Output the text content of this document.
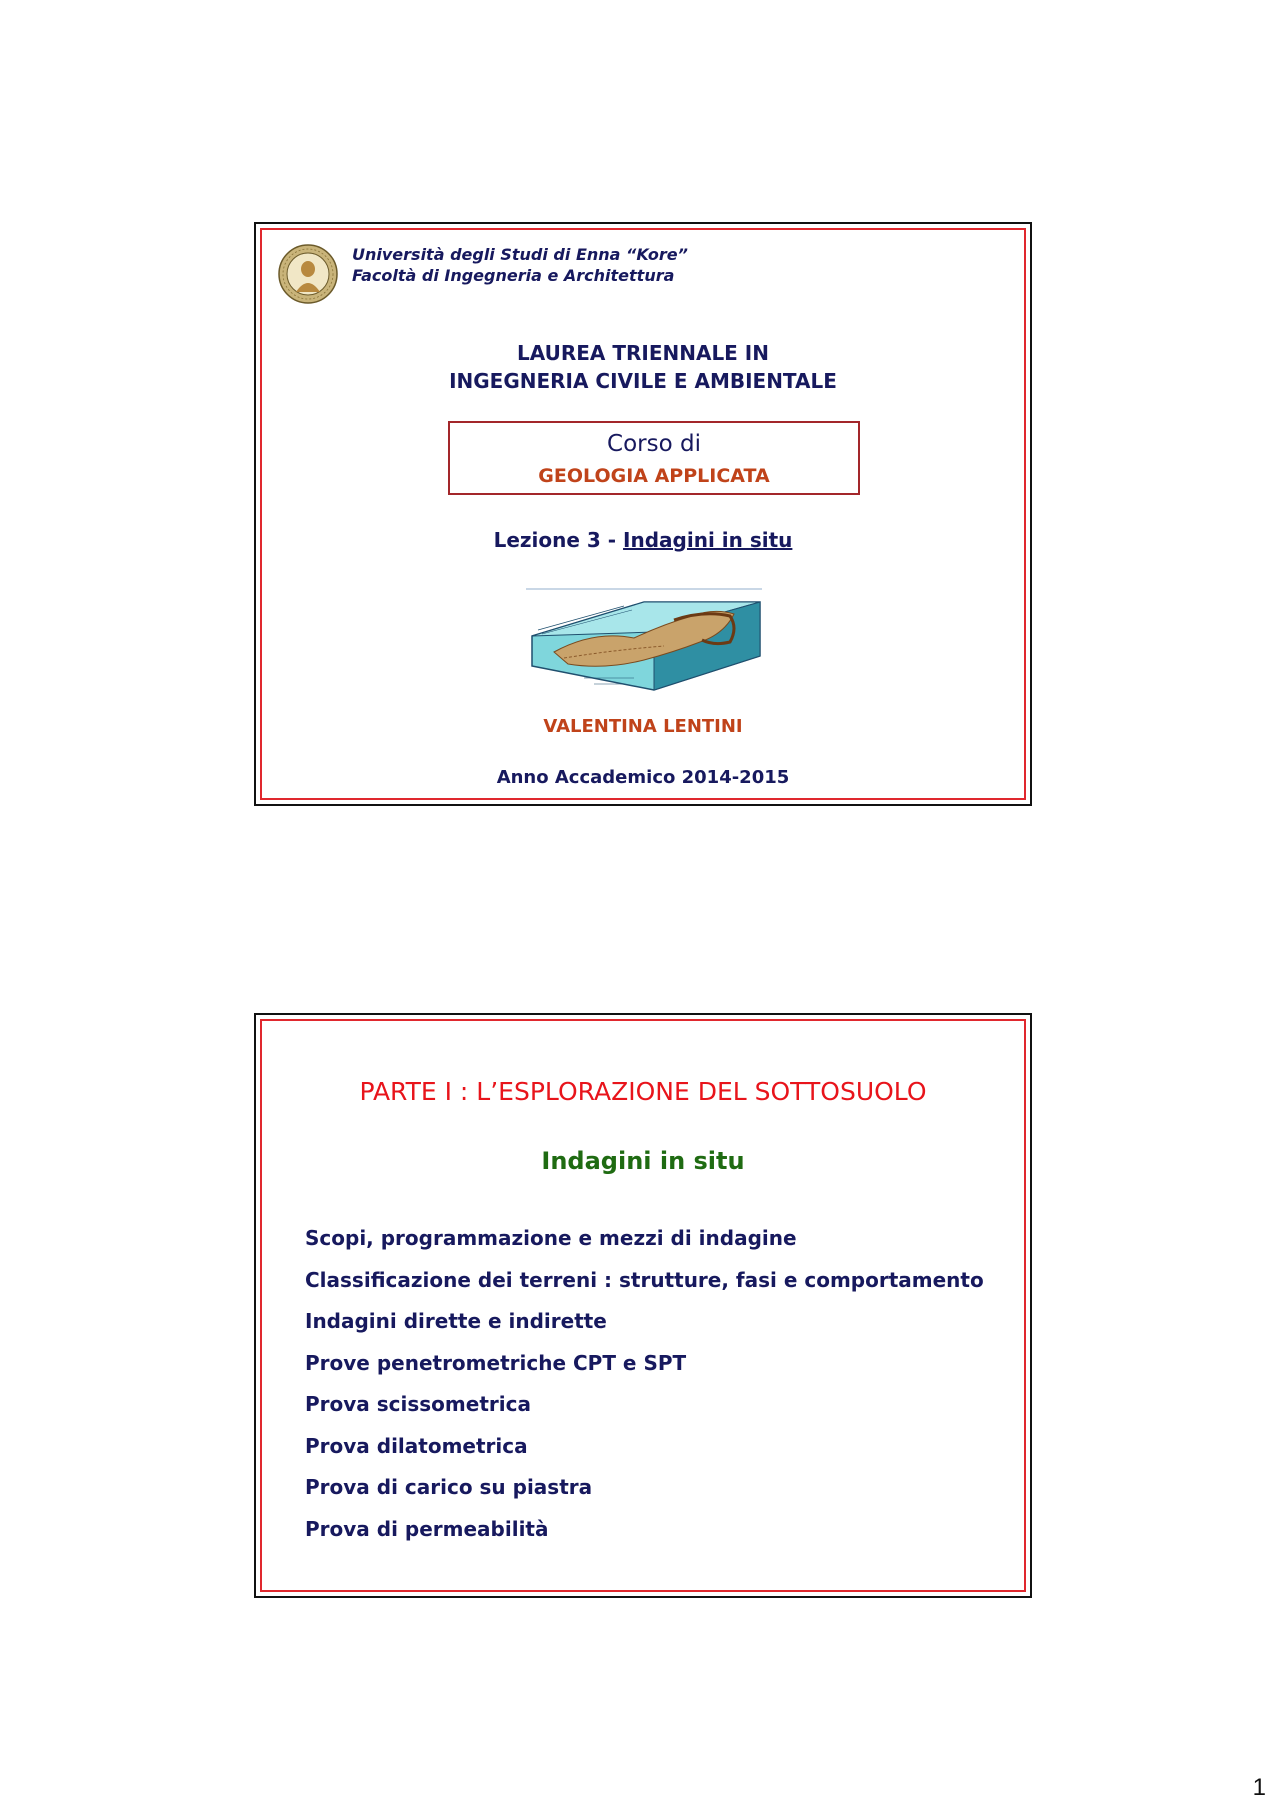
Università degli Studi di Enna “Kore”
Facoltà di Ingegneria e Architettura
LAUREA TRIENNALE IN
INGEGNERIA CIVILE E AMBIENTALE
Corso di
GEOLOGIA APPLICATA
Lezione 3 - Indagini in situ
VALENTINA LENTINI
Anno Accademico 2014-2015
PARTE I : L’ESPLORAZIONE DEL SOTTOSUOLO
Indagini in situ
Scopi, programmazione e mezzi di indagine
Classificazione dei terreni : strutture, fasi e comportamento
Indagini dirette e indirette
Prove penetrometriche CPT e SPT
Prova scissometrica
Prova dilatometrica
Prova di carico su piastra
Prova di permeabilità
1
